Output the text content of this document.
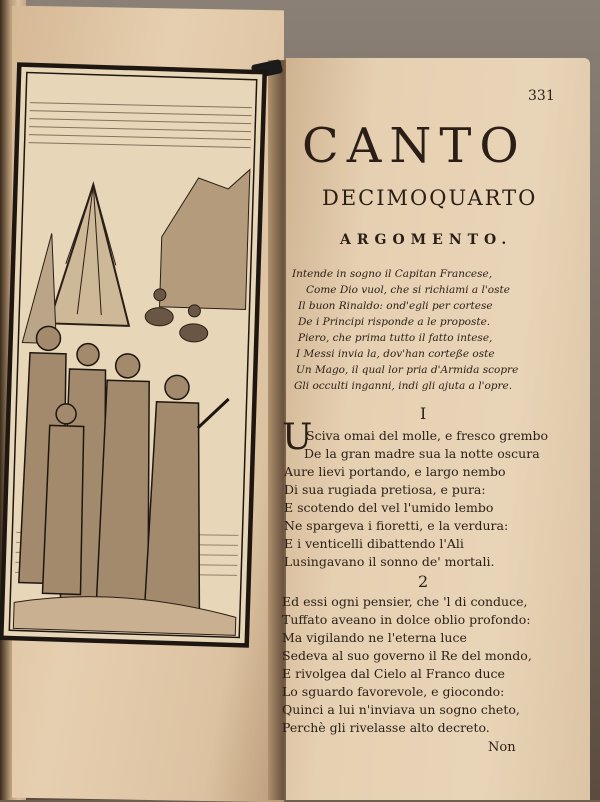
331
CANTO
DECIMOQUARTO
ARGOMENTO.
Intende in sogno il Capitan Francese,
Come Dio vuol, che si richiami a l'oste
Il buon Rinaldo: ond'egli per cortese
De i Principi risponde a le proposte.
Piero, che prima tutto il fatto intese,
I Messi invia la, dov'han corteße oste
Un Mago, il qual lor pria d'Armida scopre
Gli occulti inganni, indi gli ajuta a l'opre.
I
U
Sciva omai del molle, e fresco grembo
De la gran madre sua la notte oscura
Aure lievi portando, e largo nembo
Di sua rugiada pretiosa, e pura:
E scotendo del vel l'umido lembo
Ne spargeva i fioretti, e la verdura:
E i venticelli dibattendo l'Ali
Lusingavano il sonno de' mortali.
2
Ed essi ogni pensier, che 'l di conduce,
Tuffato aveano in dolce oblio profondo:
Ma vigilando ne l'eterna luce
Sedeva al suo governo il Re del mondo,
E rivolgea dal Cielo al Franco duce
Lo sguardo favorevole, e giocondo:
Quinci a lui n'inviava un sogno cheto,
Perchè gli rivelasse alto decreto.
Non
